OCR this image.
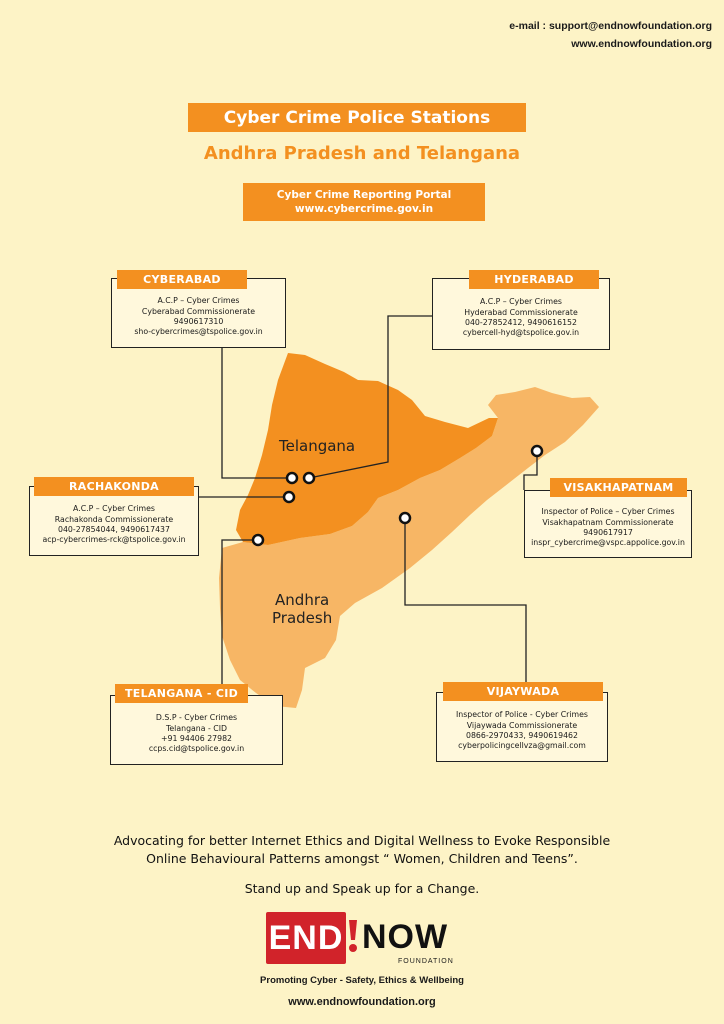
e-mail : support@endnowfoundation.org
www.endnowfoundation.org
Cyber Crime Police Stations
Andhra Pradesh and Telangana
Cyber Crime Reporting Portal
www.cybercrime.gov.in
Telangana
Andhra
Pradesh
A.C.P – Cyber Crimes
Cyberabad Commissionerate
9490617310
sho-cybercrimes@tspolice.gov.in
CYBERABAD
A.C.P – Cyber Crimes
Hyderabad Commissionerate
040-27852412, 9490616152
cybercell-hyd@tspolice.gov.in
HYDERABAD
A.C.P – Cyber Crimes
Rachakonda Commissionerate
040-27854044, 9490617437
acp-cybercrimes-rck@tspolice.gov.in
RACHAKONDA
Inspector of Police – Cyber Crimes
Visakhapatnam Commissionerate
9490617917
inspr_cybercrime@vspc.appolice.gov.in
VISAKHAPATNAM
D.S.P - Cyber Crimes
Telangana - CID
+91 94406 27982
ccps.cid@tspolice.gov.in
TELANGANA - CID
Inspector of Police - Cyber Crimes
Vijaywada Commissionerate
0866-2970433, 9490619462
cyberpolicingcellvza@gmail.com
VIJAYWADA
Advocating for better Internet Ethics and Digital Wellness to Evoke Responsible
Online Behavioural Patterns amongst “ Women, Children and Teens”.
Stand up and Speak up for a Change.
END NOW
FOUNDATION
Promoting Cyber - Safety, Ethics & Wellbeing
www.endnowfoundation.org
